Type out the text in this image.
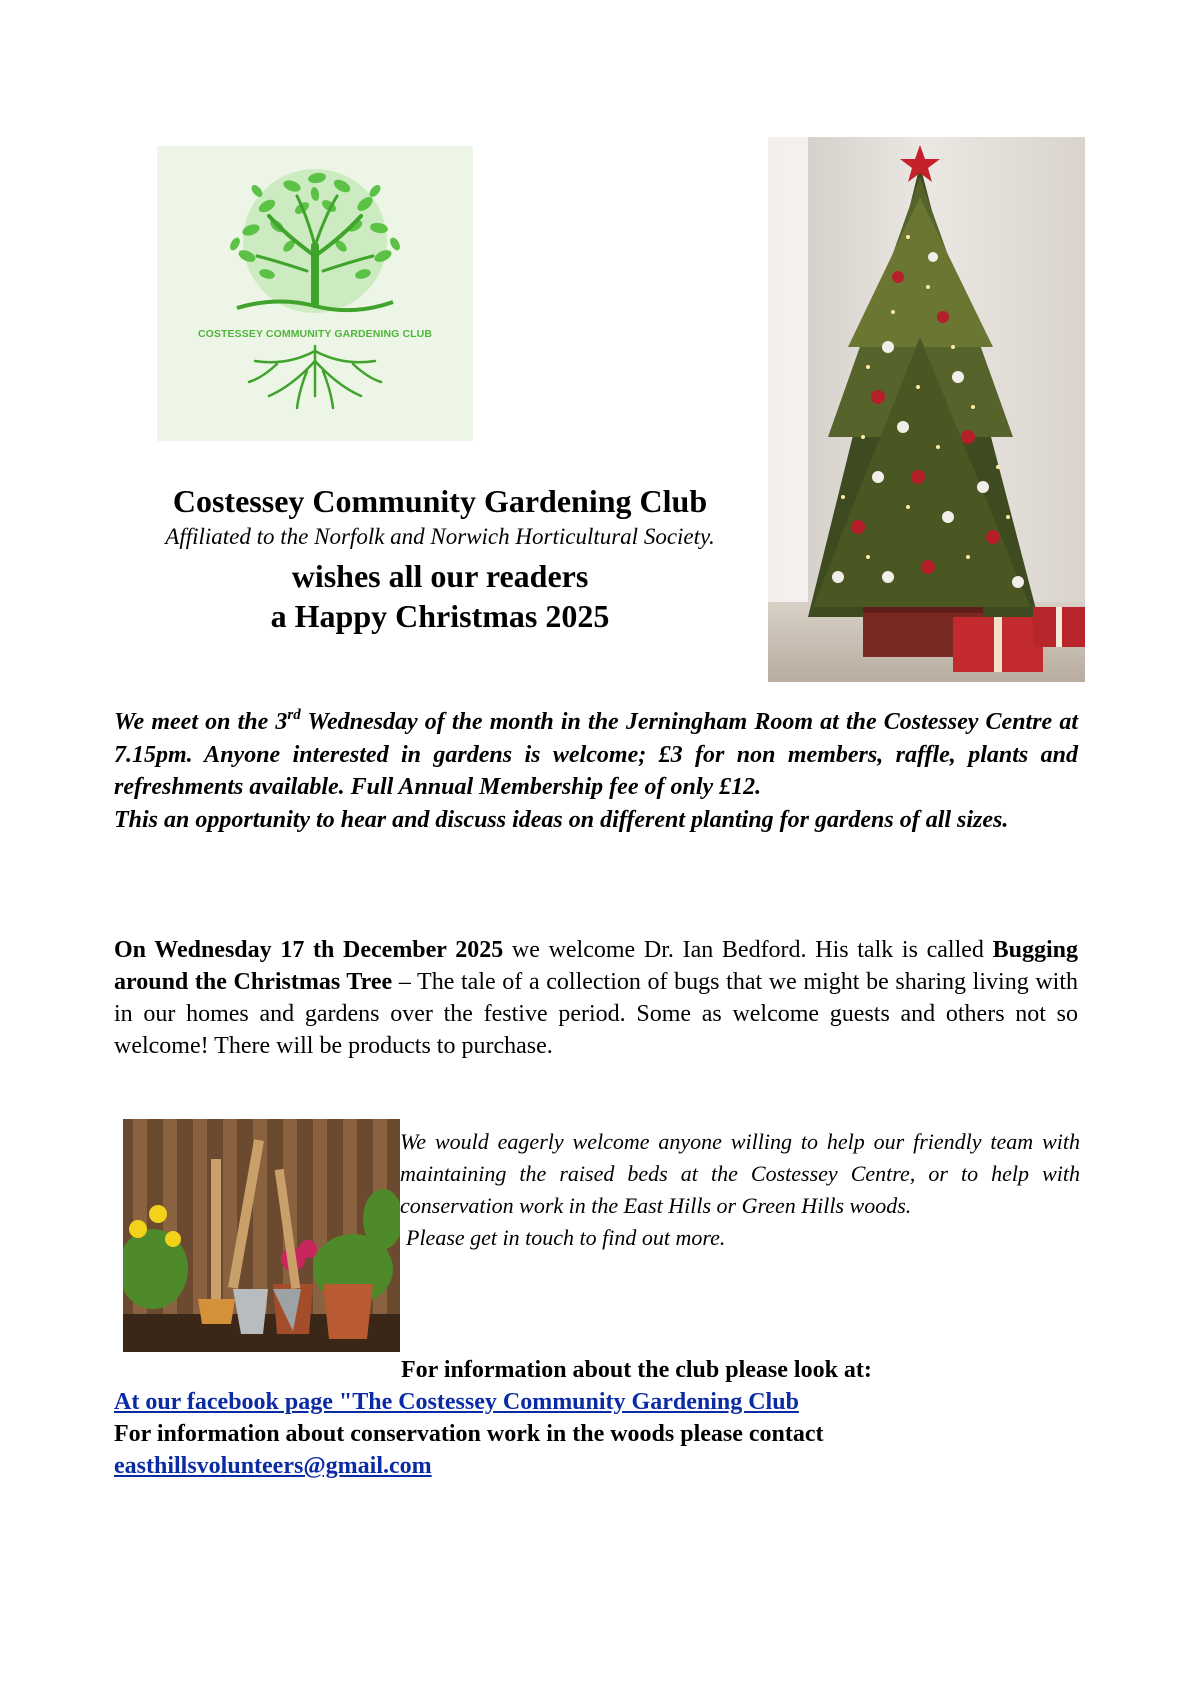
COSTESSEY COMMUNITY GARDENING CLUB

Costessey Community Gardening Club

Affiliated to the Norfolk and Norwich Horticultural Society.

wishes all our readers

a Happy Christmas 2025

We meet on the 3rd Wednesday of the month in the Jerningham Room at the Costessey Centre at 7.15pm. Anyone interested in gardens is welcome; £3 for non members, raffle, plants and refreshments available. Full Annual Membership fee of only £12.

This an opportunity to hear and discuss ideas on different planting for gardens of all sizes.

On Wednesday 17 th December 2025 we welcome Dr. Ian Bedford. His talk is called Bugging around the Christmas Tree – The tale of a collection of bugs that we might be sharing living with in our homes and gardens over the festive period. Some as welcome guests and others not so welcome! There will be products to purchase.

We would eagerly welcome anyone willing to help our friendly team with maintaining the raised beds at the Costessey Centre, or to help with conservation work in the East Hills or Green Hills woods.
Please get in touch to find out more.

For information about the club please look at:

At our facebook page "The Costessey Community Gardening Club

For information about conservation work in the woods please contact

easthillsvolunteers@gmail.com
